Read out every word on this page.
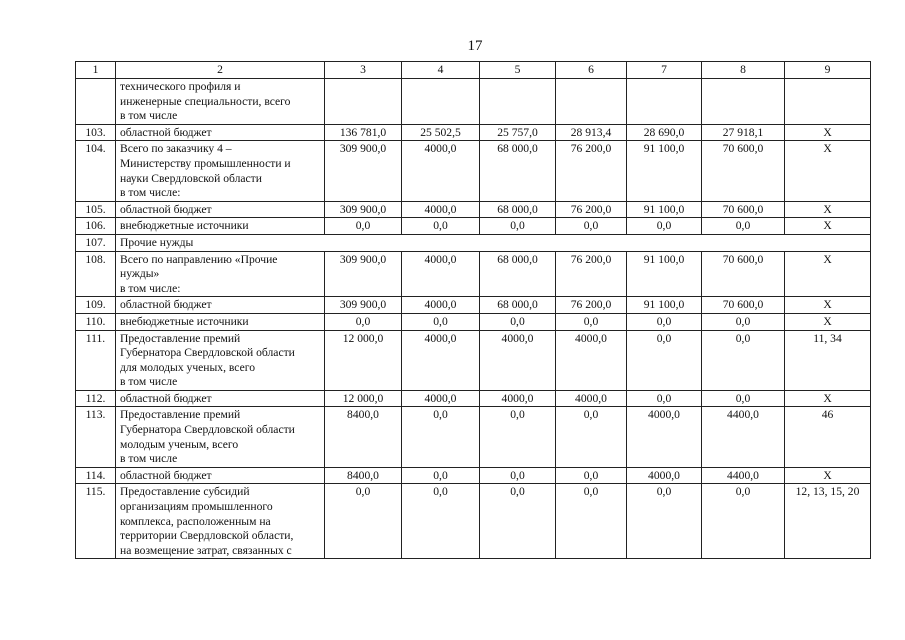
17
1	2	3	4	5	6	7	8	9

	технического профиля и
инженерные специальности, всего
в том числе							

103.	областной бюджет	136 781,0	25 502,5	25 757,0	28 913,4	28 690,0	27 918,1	Х
104.	Всего по заказчику 4 –
Министерству промышленности и
науки Свердловской области
в том числе:	309 900,0	4000,0	68 000,0	76 200,0	91 100,0	70 600,0	Х
105.	областной бюджет	309 900,0	4000,0	68 000,0	76 200,0	91 100,0	70 600,0	Х
106.	внебюджетные источники	0,0	0,0	0,0	0,0	0,0	0,0	Х
107.	Прочие нужды							

108.	Всего по направлению «Прочие
нужды»
в том числе:	309 900,0	4000,0	68 000,0	76 200,0	91 100,0	70 600,0	Х
109.	областной бюджет	309 900,0	4000,0	68 000,0	76 200,0	91 100,0	70 600,0	Х
110.	внебюджетные источники	0,0	0,0	0,0	0,0	0,0	0,0	Х
111.	Предоставление премий
Губернатора Свердловской области
для молодых ученых, всего
в том числе	12 000,0	4000,0	4000,0	4000,0	0,0	0,0	11, 34
112.	областной бюджет	12 000,0	4000,0	4000,0	4000,0	0,0	0,0	Х
113.	Предоставление премий
Губернатора Свердловской области
молодым ученым, всего
в том числе	8400,0	0,0	0,0	0,0	4000,0	4400,0	46
114.	областной бюджет	8400,0	0,0	0,0	0,0	4000,0	4400,0	Х
115.	Предоставление субсидий
организациям промышленного
комплекса, расположенным на
территории Свердловской области,
на возмещение затрат, связанных с	0,0	0,0	0,0	0,0	0,0	0,0	12, 13, 15, 20
